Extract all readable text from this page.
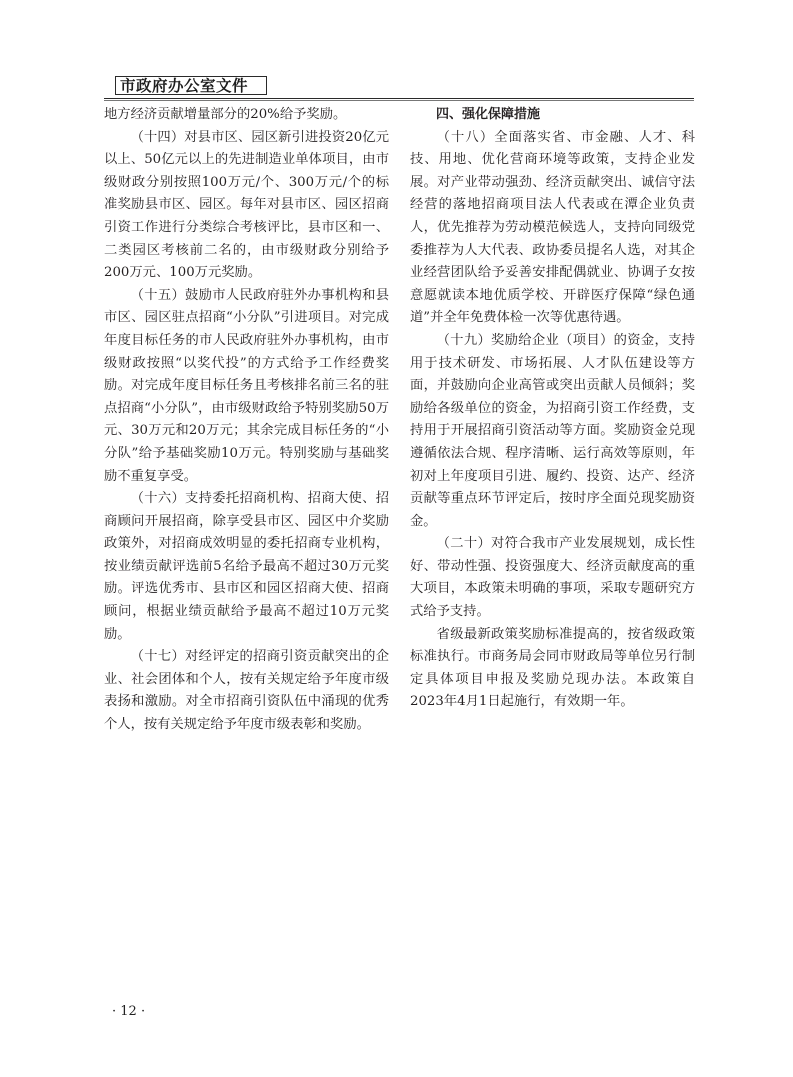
市政府办公室文件

地方经济贡献增量部分的20%给予奖励。

（十四）对县市区、园区新引进投资20亿元以上、50亿元以上的先进制造业单体项目，由市级财政分别按照100万元/个、300万元/个的标准奖励县市区、园区。每年对县市区、园区招商引资工作进行分类综合考核评比，县市区和一、二类园区考核前二名的，由市级财政分别给予200万元、100万元奖励。

（十五）鼓励市人民政府驻外办事机构和县市区、园区驻点招商“小分队”引进项目。对完成年度目标任务的市人民政府驻外办事机构，由市级财政按照“以奖代投”的方式给予工作经费奖励。对完成年度目标任务且考核排名前三名的驻点招商“小分队”，由市级财政给予特别奖励50万元、30万元和20万元；其余完成目标任务的“小分队”给予基础奖励10万元。特别奖励与基础奖励不重复享受。

（十六）支持委托招商机构、招商大使、招商顾问开展招商，除享受县市区、园区中介奖励政策外，对招商成效明显的委托招商专业机构，按业绩贡献评选前5名给予最高不超过30万元奖励。评选优秀市、县市区和园区招商大使、招商顾问，根据业绩贡献给予最高不超过10万元奖励。

（十七）对经评定的招商引资贡献突出的企业、社会团体和个人，按有关规定给予年度市级表扬和激励。对全市招商引资队伍中涌现的优秀个人，按有关规定给予年度市级表彰和奖励。

四、强化保障措施

（十八）全面落实省、市金融、人才、科技、用地、优化营商环境等政策，支持企业发展。对产业带动强劲、经济贡献突出、诚信守法经营的落地招商项目法人代表或在潭企业负责人，优先推荐为劳动模范候选人，支持向同级党委推荐为人大代表、政协委员提名人选，对其企业经营团队给予妥善安排配偶就业、协调子女按意愿就读本地优质学校、开辟医疗保障“绿色通道”并全年免费体检一次等优惠待遇。

（十九）奖励给企业（项目）的资金，支持用于技术研发、市场拓展、人才队伍建设等方面，并鼓励向企业高管或突出贡献人员倾斜；奖励给各级单位的资金，为招商引资工作经费，支持用于开展招商引资活动等方面。奖励资金兑现遵循依法合规、程序清晰、运行高效等原则，年初对上年度项目引进、履约、投资、达产、经济贡献等重点环节评定后，按时序全面兑现奖励资金。

（二十）对符合我市产业发展规划，成长性好、带动性强、投资强度大、经济贡献度高的重大项目，本政策未明确的事项，采取专题研究方式给予支持。

省级最新政策奖励标准提高的，按省级政策标准执行。市商务局会同市财政局等单位另行制定具体项目申报及奖励兑现办法。本政策自2023年4月1日起施行，有效期一年。

· 12 ·
